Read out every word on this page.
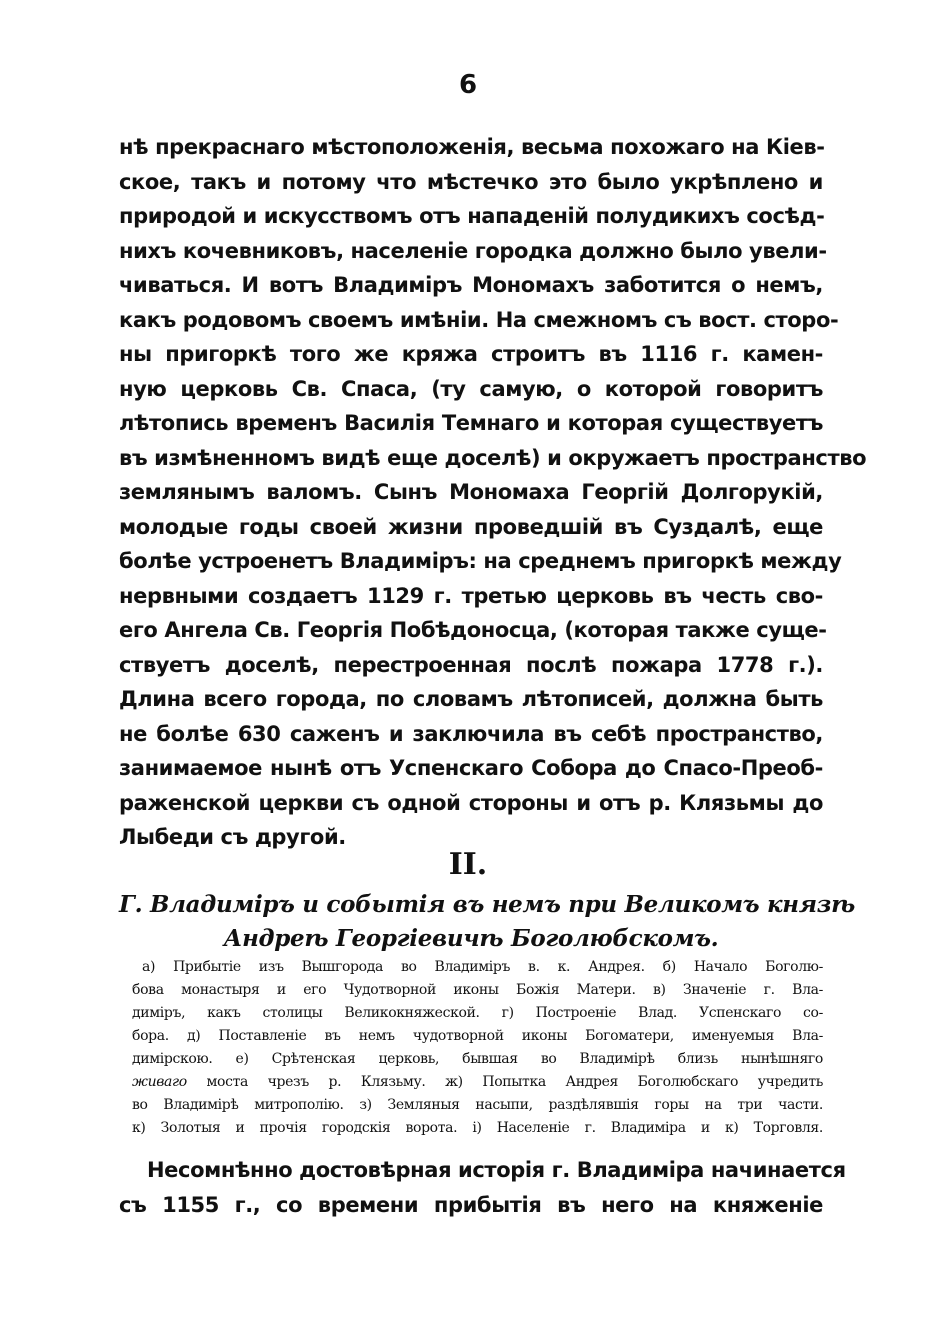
6
нѣ прекраснаго мѣстоположенія, весьма похожаго на Кіев-
ское, такъ и потому что мѣстечко это было укрѣплено и
природой и искусствомъ отъ нападеній полудикихъ сосѣд-
нихъ кочевниковъ, населеніе городка должно было увели-
чиваться. И вотъ Владиміръ Мономахъ заботится о немъ,
какъ родовомъ своемъ имѣніи. На смежномъ съ вост. сторо-
ны пригоркѣ того же кряжа строитъ въ 1116 г. камен-
ную церковь Св. Спаса, (ту самую, о которой говоритъ
лѣтопись временъ Василія Темнаго и которая существуетъ
въ измѣненномъ видѣ еще доселѣ) и окружаетъ пространство
землянымъ валомъ. Сынъ Мономаха Георгій Долгорукій,
молодые годы своей жизни проведшій въ Суздалѣ, еще
болѣе устроенетъ Владиміръ: на среднемъ пригоркѣ между
нервными создаетъ 1129 г. третью церковь въ честь сво-
его Ангела Св. Георгія Побѣдоносца, (которая также суще-
ствуетъ доселѣ, перестроенная послѣ пожара 1778 г.).
Длина всего города, по словамъ лѣтописей, должна быть
не болѣе 630 саженъ и заключила въ себѣ пространство,
занимаемое нынѣ отъ Успенскаго Собора до Спасо-Преоб-
раженской церкви съ одной стороны и отъ р. Клязьмы до
Лыбеди съ другой.
II.
Г. Владиміръ и событія въ немъ при Великомъ князѣ
Андреѣ Георгіевичѣ Боголюбскомъ.
а) Прибытіе изъ Вышгорода во Владиміръ в. к. Андрея. б) Начало Боголю-
бова монастыря и его Чудотворной иконы Божія Матери. в) Значеніе г. Вла-
диміръ, какъ столицы Великокняжеской. г) Построеніе Влад. Успенскаго со-
бора. д) Поставленіе въ немъ чудотворной иконы Богоматери, именуемыя Вла-
димірскою. е) Срѣтенская церковь, бывшая во Владимірѣ близь нынѣшняго
живаго моста чрезъ р. Клязьму. ж) Попытка Андрея Боголюбскаго учредить
во Владимірѣ митрополію. з) Земляныя насыпи, раздѣлявшія горы на три части.
к) Золотыя и прочія городскія ворота. і) Населеніе г. Владиміра и к) Торговля.
Несомнѣнно достовѣрная исторія г. Владиміра начинается
съ 1155 г., со времени прибытія въ него на княженіе
